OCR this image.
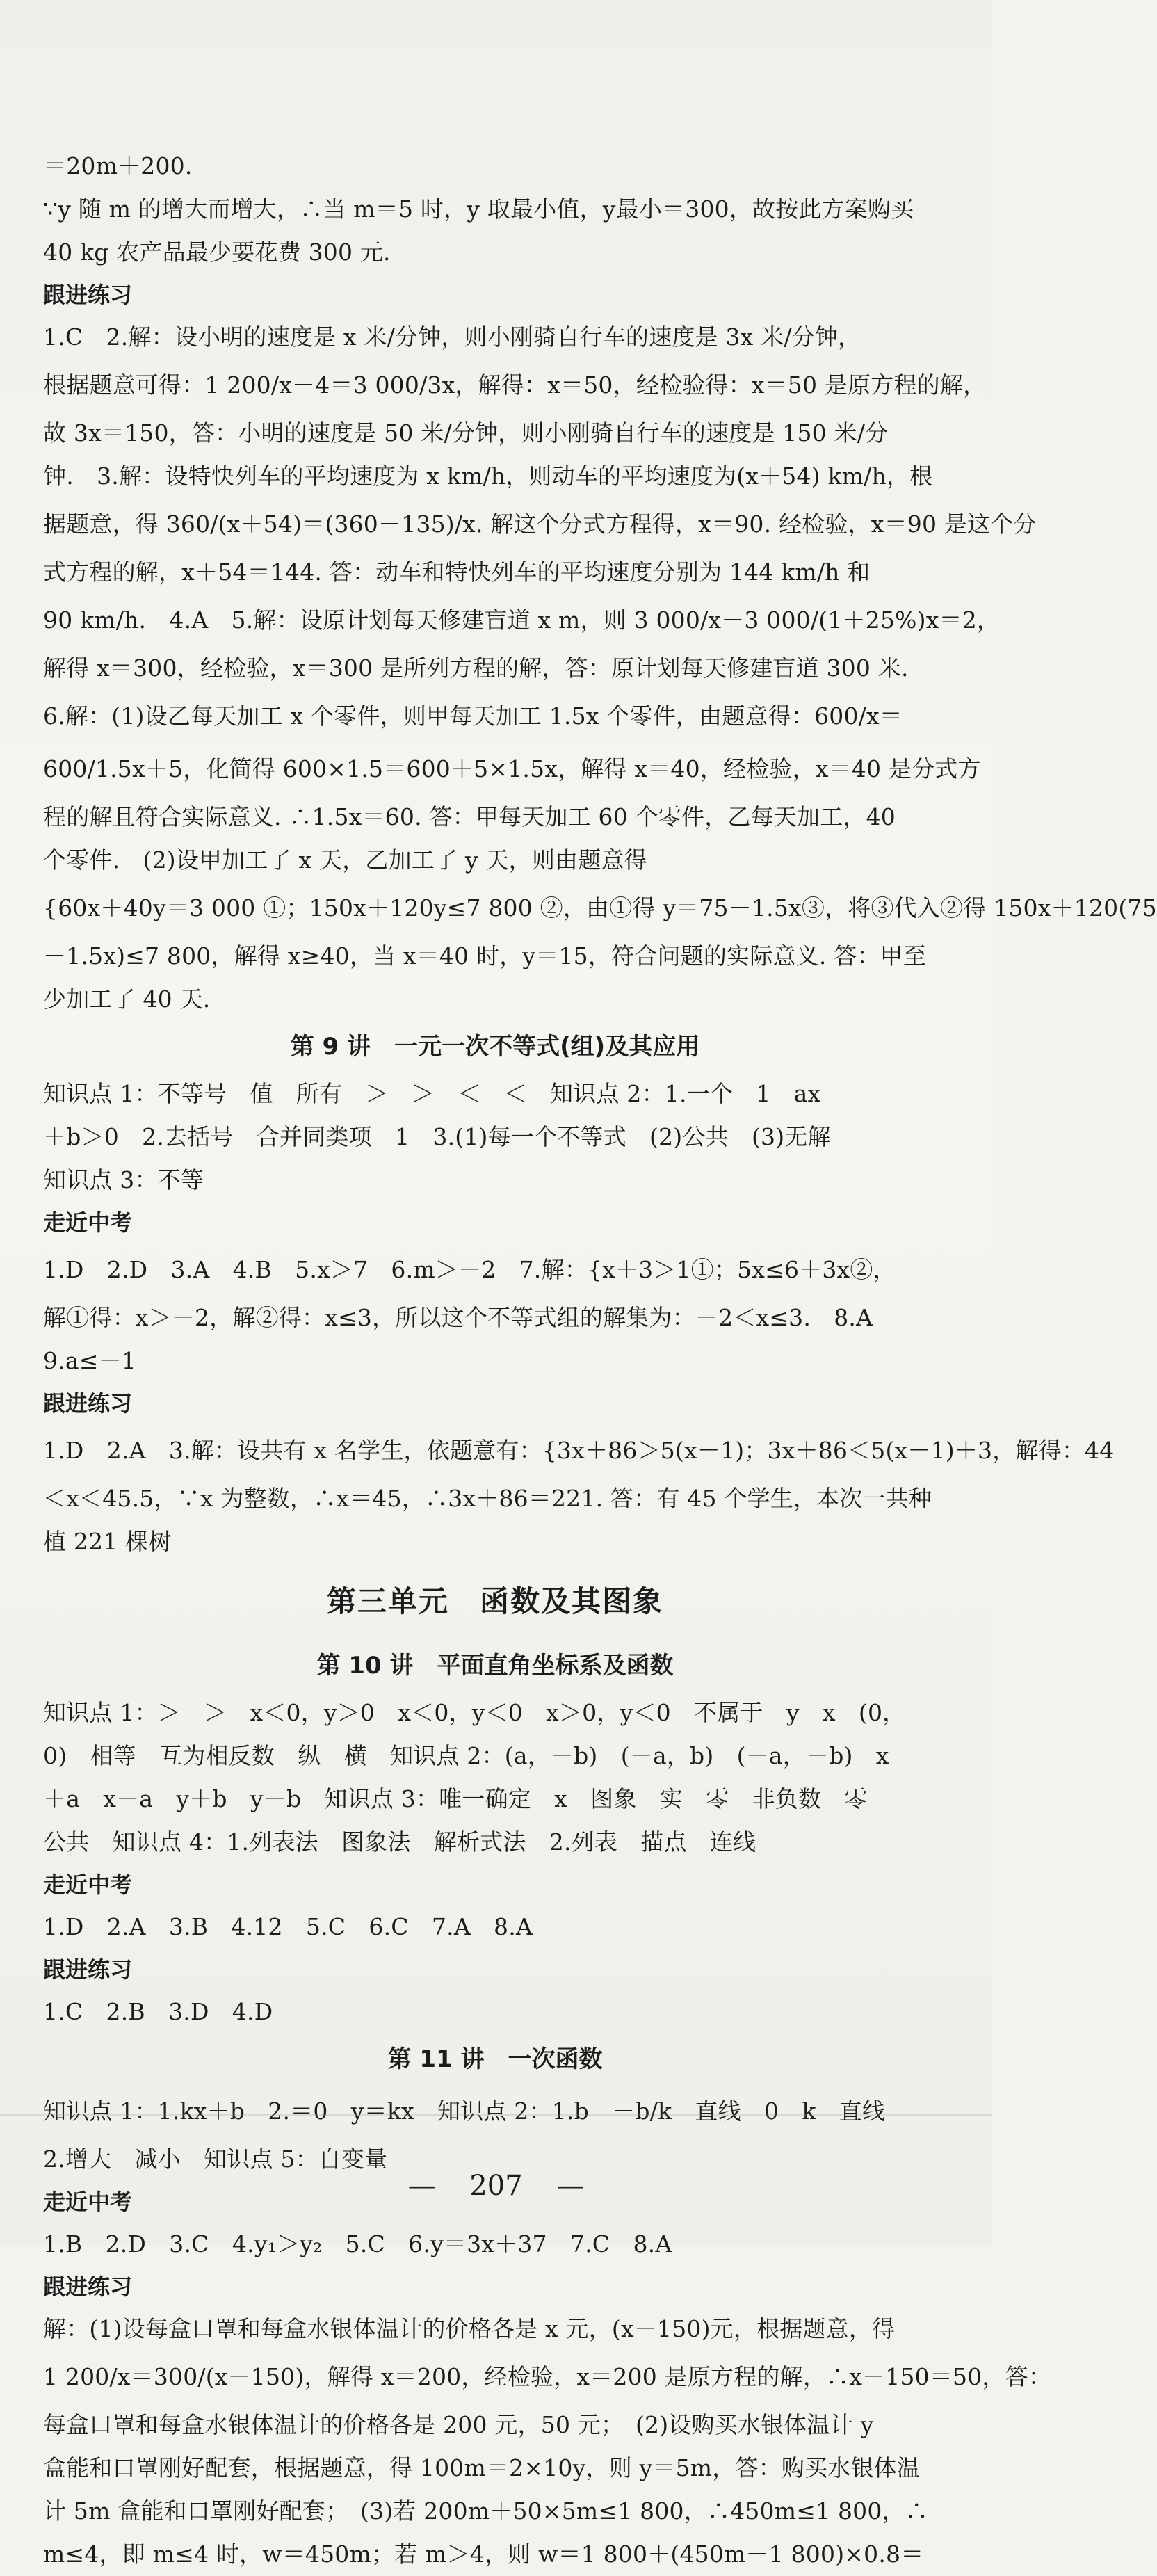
＝20m＋200.
∵y 随 m 的增大而增大，∴当 m＝5 时，y 取最小值，y最小＝300，故按此方案购买
40 kg 农产品最少要花费 300 元.
跟进练习
1.C　2.解：设小明的速度是 x 米/分钟，则小刚骑自行车的速度是 3x 米/分钟，
根据题意可得：1 200/x－4＝3 000/3x，解得：x＝50，经检验得：x＝50 是原方程的解，
故 3x＝150，答：小明的速度是 50 米/分钟，则小刚骑自行车的速度是 150 米/分
钟.　3.解：设特快列车的平均速度为 x km/h，则动车的平均速度为(x＋54) km/h，根
据题意，得 360/(x＋54)＝(360－135)/x. 解这个分式方程得，x＝90. 经检验，x＝90 是这个分
式方程的解，x＋54＝144. 答：动车和特快列车的平均速度分别为 144 km/h 和
90 km/h.　4.A　5.解：设原计划每天修建盲道 x m，则 3 000/x－3 000/(1＋25%)x＝2，
解得 x＝300，经检验，x＝300 是所列方程的解，答：原计划每天修建盲道 300 米.
6.解：(1)设乙每天加工 x 个零件，则甲每天加工 1.5x 个零件，由题意得：600/x＝
600/1.5x＋5，化简得 600×1.5＝600＋5×1.5x，解得 x＝40，经检验，x＝40 是分式方
程的解且符合实际意义. ∴1.5x＝60. 答：甲每天加工 60 个零件，乙每天加工，40
个零件.　(2)设甲加工了 x 天，乙加工了 y 天，则由题意得
{60x＋40y＝3 000 ①；150x＋120y≤7 800 ②，由①得 y＝75－1.5x③，将③代入②得 150x＋120(75
－1.5x)≤7 800，解得 x≥40，当 x＝40 时，y＝15，符合问题的实际意义. 答：甲至
少加工了 40 天.
第 9 讲　一元一次不等式(组)及其应用
知识点 1：不等号　值　所有　＞　＞　＜　＜　知识点 2：1.一个　1　ax
＋b＞0　2.去括号　合并同类项　1　3.(1)每一个不等式　(2)公共　(3)无解
知识点 3：不等
走近中考
1.D　2.D　3.A　4.B　5.x＞7　6.m＞－2　7.解：{x＋3＞1①；5x≤6＋3x②，
解①得：x＞－2，解②得：x≤3，所以这个不等式组的解集为：－2＜x≤3.　8.A
9.a≤－1
跟进练习
1.D　2.A　3.解：设共有 x 名学生，依题意有：{3x＋86＞5(x－1)；3x＋86＜5(x－1)＋3，解得：44
＜x＜45.5，∵x 为整数，∴x＝45，∴3x＋86＝221. 答：有 45 个学生，本次一共种
植 221 棵树
第三单元　函数及其图象
第 10 讲　平面直角坐标系及函数
知识点 1：＞　＞　x＜0，y＞0　x＜0，y＜0　x＞0，y＜0　不属于　y　x　(0，
0)　相等　互为相反数　纵　横　知识点 2：(a，－b)　(－a，b)　(－a，－b)　x
＋a　x－a　y＋b　y－b　知识点 3：唯一确定　x　图象　实　零　非负数　零
公共　知识点 4：1.列表法　图象法　解析式法　2.列表　描点　连线
走近中考
1.D　2.A　3.B　4.12　5.C　6.C　7.A　8.A
跟进练习
1.C　2.B　3.D　4.D
第 11 讲　一次函数
知识点 1：1.kx＋b　2.＝0　y＝kx　知识点 2：1.b　－b/k　直线　0　k　直线
2.增大　减小　知识点 5：自变量
走近中考
1.B　2.D　3.C　4.y₁＞y₂　5.C　6.y＝3x＋37　7.C　8.A
跟进练习
解：(1)设每盒口罩和每盒水银体温计的价格各是 x 元，(x－150)元，根据题意，得
1 200/x＝300/(x－150)，解得 x＝200，经检验，x＝200 是原方程的解，∴x－150＝50，答：
每盒口罩和每盒水银体温计的价格各是 200 元，50 元；　(2)设购买水银体温计 y
盒能和口罩刚好配套，根据题意，得 100m＝2×10y，则 y＝5m，答：购买水银体温
计 5m 盒能和口罩刚好配套；　(3)若 200m＋50×5m≤1 800，∴450m≤1 800，∴
m≤4，即 m≤4 时，w＝450m；若 m＞4，则 w＝1 800＋(450m－1 800)×0.8＝
— 207 —
